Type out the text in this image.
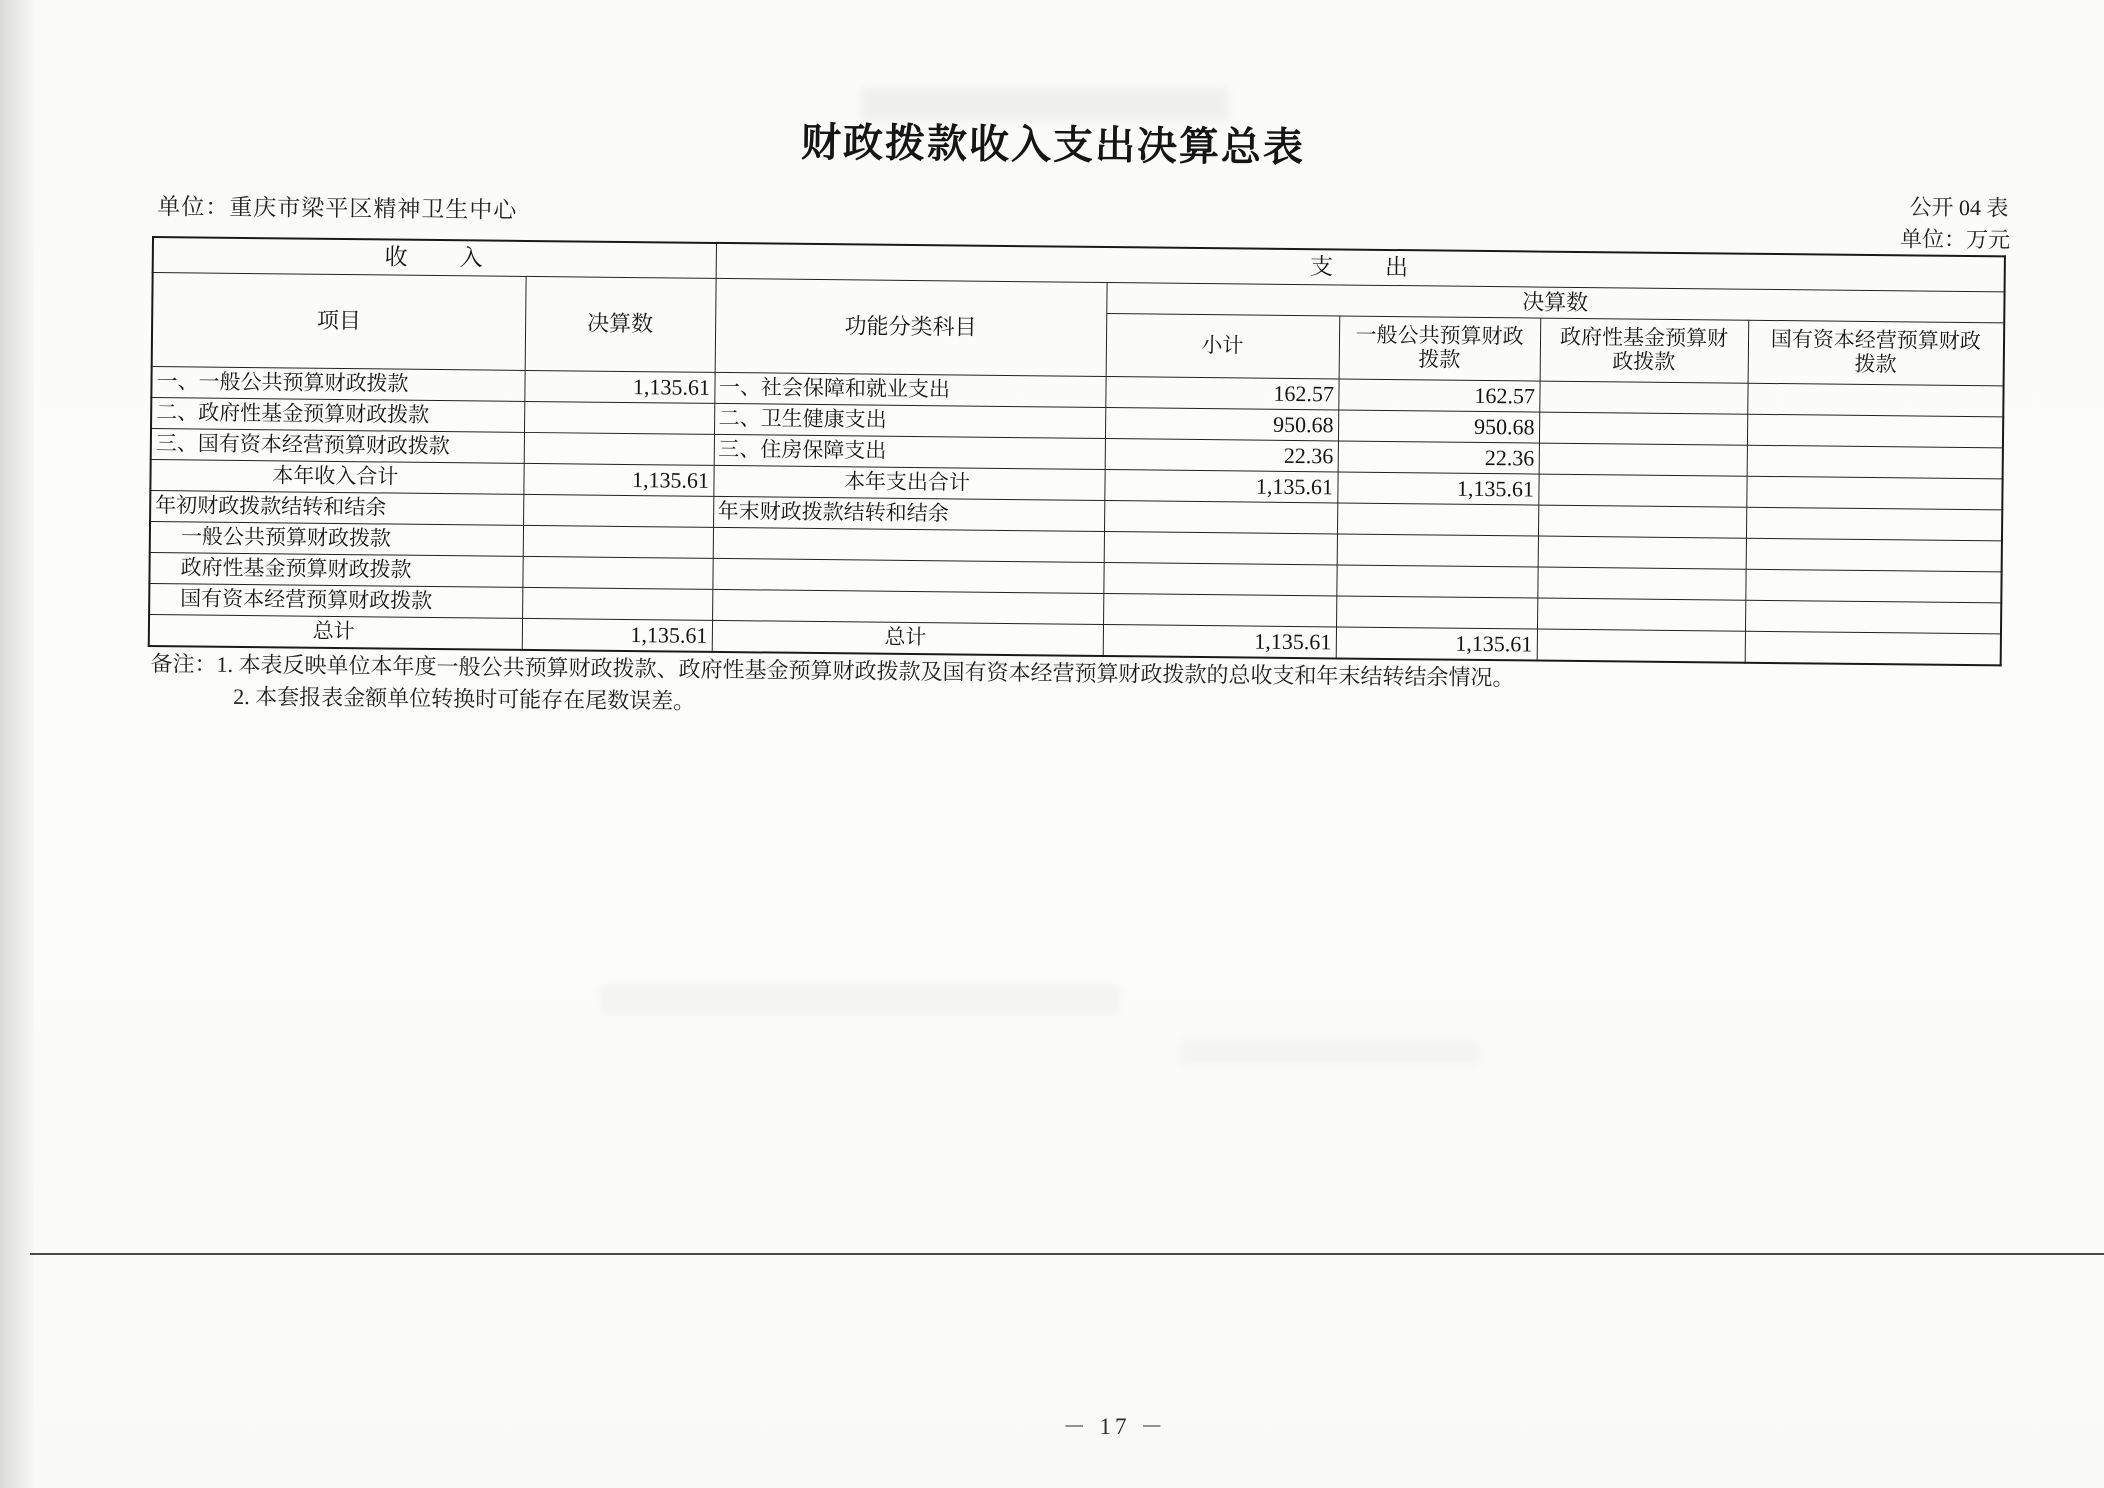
财政拨款收入支出决算总表
单位：重庆市梁平区精神卫生中心	公开 04 表
单位：万元
收　　入		支　　出				
项目	决算数	功能分类科目	决算数			
			小计	一般公共预算财政拨款	政府性基金预算财政拨款	国有资本经营预算财政拨款
一、一般公共预算财政拨款	1,135.61	一、社会保障和就业支出	162.57	162.57		
二、政府性基金预算财政拨款		二、卫生健康支出	950.68	950.68		
三、国有资本经营预算财政拨款		三、住房保障支出	22.36	22.36		
本年收入合计	1,135.61	本年支出合计	1,135.61	1,135.61		
年初财政拨款结转和结余		年末财政拨款结转和结余				
一般公共预算财政拨款						
政府性基金预算财政拨款						
国有资本经营预算财政拨款						
总计	1,135.61	总计	1,135.61	1,135.61		
备注：1. 本表反映单位本年度一般公共预算财政拨款、政府性基金预算财政拨款及国有资本经营预算财政拨款的总收支和年末结转结余情况。
2. 本套报表金额单位转换时可能存在尾数误差。
－ 17 －
